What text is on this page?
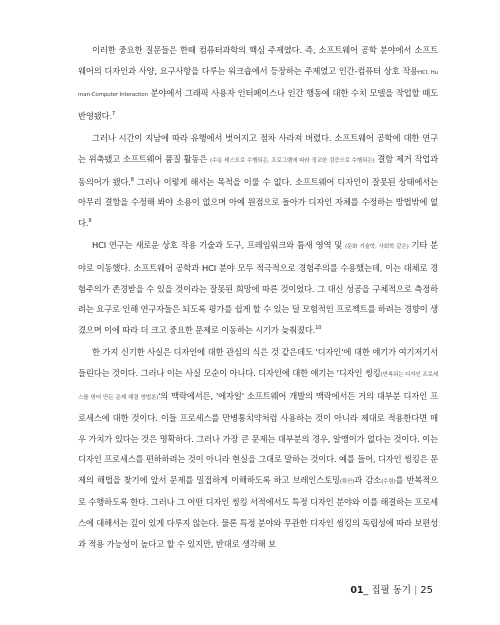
이러한 중요한 질문들은 한때 컴퓨터과학의 핵심 주제였다. 즉, 소프트웨어 공학 분야에서 소프트웨어의 디자인과 사양, 요구사항을 다루는 워크숍에서 등장하는 주제였고 인간-컴퓨터 상호 작용HCI, Human-Computer Interaction 분야에서 그래픽 사용자 인터페이스나 인간 행동에 대한 수치 모델을 작업할 때도 반영됐다.$^7$

그러나 시간이 지남에 따라 유행에서 벗어지고 점차 사라져 버렸다. 소프트웨어 공학에 대한 연구는 위축됐고 소프트웨어 품질 활동은 (수동 테스트로 수행되든, 프로그램에 따라 정교한 검증으로 수행되든) 결함 제거 작업과 동의어가 됐다.$^8$ 그러나 이렇게 해서는 목적을 이룰 수 없다. 소프트웨어 디자인이 잘못된 상태에서는 아무리 결함을 수정해 봐야 소용이 없으며 아예 원점으로 돌아가 디자인 자체를 수정하는 방법밖에 없다.$^9$

HCI 연구는 새로운 상호 작용 기술과 도구, 프레임워크와 틈새 영역 및 (문화 기술학, 사회학 같은) 기타 분야로 이동했다. 소프트웨어 공학과 HCI 분야 모두 적극적으로 경험주의를 수용했는데, 이는 대체로 경험주의가 존경받을 수 있을 것이라는 잘못된 희망에 따른 것이었다. 그 대신 성공을 구체적으로 측정하려는 요구로 인해 연구자들은 되도록 평가를 쉽게 할 수 있는 덜 모험적인 프로젝트를 하려는 경향이 생겼으며 이에 따라 더 크고 중요한 문제로 이동하는 시기가 늦춰졌다.$^{10}$

한 가지 신기한 사실은 디자인에 대한 관심의 식은 것 같은데도 '디자인'에 대한 얘기가 여기저기서 들린다는 것이다. 그러나 이는 사실 모순이 아니다. 디자인에 대한 얘기는 '디자인 씽킹(반복되는 디자인 프로세스를 엮어 만든 문제 해결 방법론)'의 맥락에서든, '에자일' 소프트웨어 개발의 맥락에서든 거의 대부분 디자인 프로세스에 대한 것이다. 이들 프로세스를 만병통치약처럼 사용하는 것이 아니라 제대로 적용한다면 매우 가치가 있다는 것은 명확하다. 그러나 가장 큰 문제는 대부분의 경우, 알맹이가 없다는 것이다. 이는 디자인 프로세스를 편하하려는 것이 아니라 현실을 그대로 말하는 것이다. 예를 들어, 디자인 씽킹은 문제의 해법을 찾기에 앞서 문제를 밀접하게 이해하도록 하고 브레인스토밍(확산)과 감소(수렴)를 반복적으로 수행하도록 한다. 그러나 그 어떤 디자인 씽킹 서적에서도 특정 디자인 분야와 이를 해결하는 프로세스에 대해서는 깊이 있게 다루지 않는다. 물론 특정 분야와 무관한 디자인 씽킹의 독립성에 따라 보편성과 적용 가능성이 높다고 할 수 있지만, 반대로 생각해 보

01_ 집필 동기 | 25
